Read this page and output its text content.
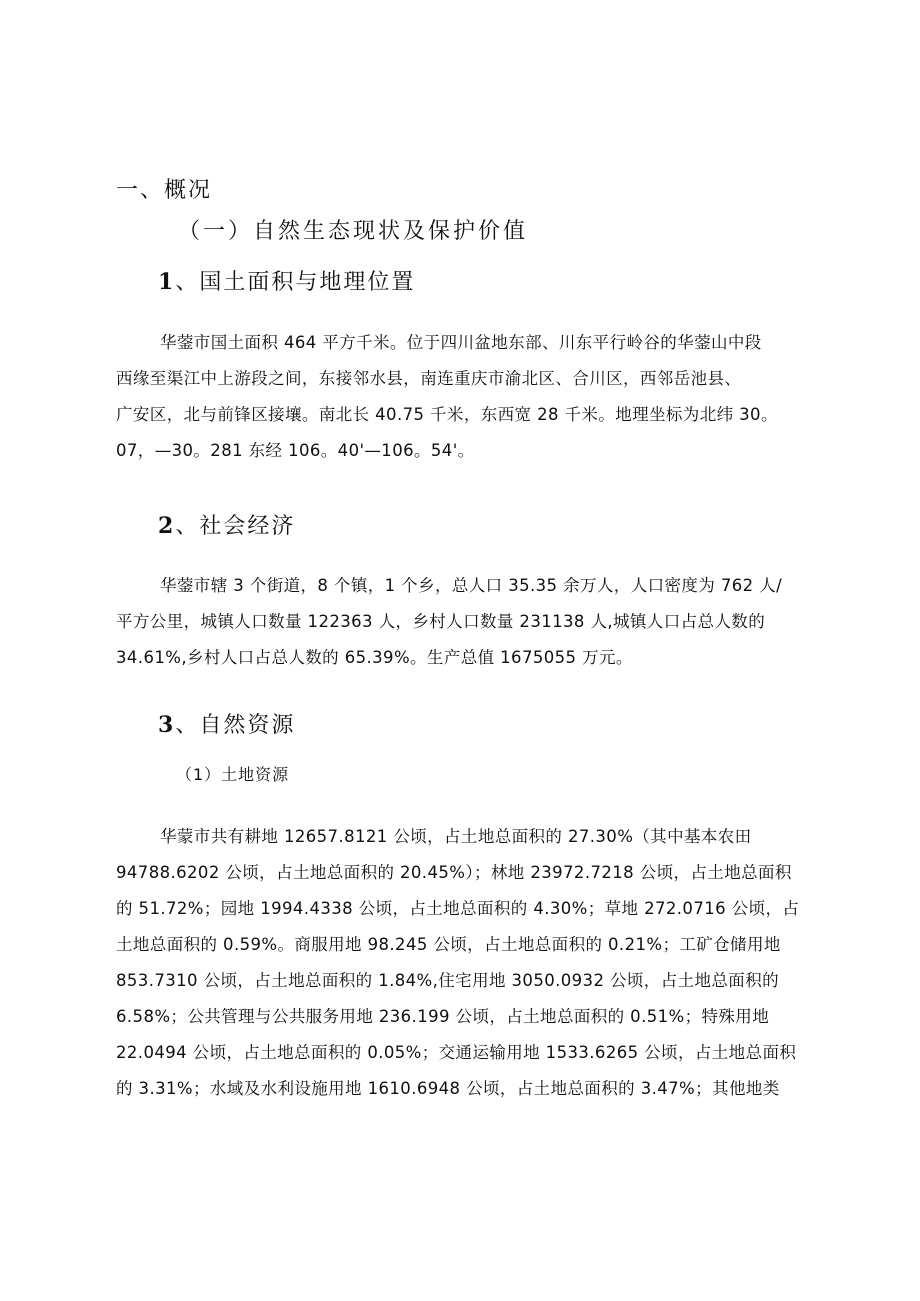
一、概况
（一）自然生态现状及保护价值
1、国土面积与地理位置
华蓥市国土面积 464 平方千米。位于四川盆地东部、川东平行岭谷的华蓥山中段
西缘至渠江中上游段之间，东接邻水县，南连重庆市渝北区、合川区，西邻岳池县、
广安区，北与前锋区接壤。南北长 40.75 千米，东西宽 28 千米。地理坐标为北纬 30。
07，—30。281 东经 106。40'—106。54'。
2、社会经济
华蓥市辖 3 个街道，8 个镇，1 个乡，总人口 35.35 余万人，人口密度为 762 人/
平方公里，城镇人口数量 122363 人，乡村人口数量 231138 人,城镇人口占总人数的
34.61%,乡村人口占总人数的 65.39%。生产总值 1675055 万元。
3、自然资源
（1）土地资源
华蒙市共有耕地 12657.8121 公顷，占土地总面积的 27.30%（其中基本农田
94788.6202 公顷，占土地总面积的 20.45%）；林地 23972.7218 公顷，占土地总面积
的 51.72%；园地 1994.4338 公顷，占土地总面积的 4.30%；草地 272.0716 公顷，占
土地总面积的 0.59%。商服用地 98.245 公顷，占土地总面积的 0.21%；工矿仓储用地
853.7310 公顷，占土地总面积的 1.84%,住宅用地 3050.0932 公顷，占土地总面积的
6.58%；公共管理与公共服务用地 236.199 公顷，占土地总面积的 0.51%；特殊用地
22.0494 公顷，占土地总面积的 0.05%；交通运输用地 1533.6265 公顷，占土地总面积
的 3.31%；水域及水利设施用地 1610.6948 公顷，占土地总面积的 3.47%；其他地类
